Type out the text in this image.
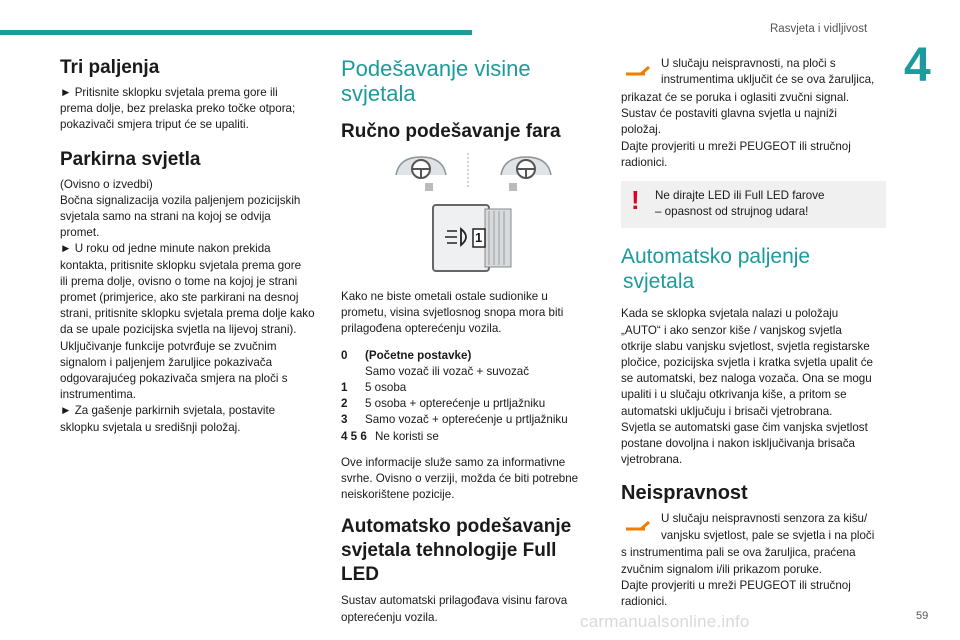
Rasvjeta i vidljivost
4
Tri paljenja

► Pritisnite sklopku svjetala prema gore ili
prema dolje, bez prelaska preko točke otpora;
pokazivači smjera triput će se upaliti.

Parkirna svjetla

(Ovisno o izvedbi)
Bočna signalizacija vozila paljenjem pozicijskih
svjetala samo na strani na kojoj se odvija
promet.
► U roku od jedne minute nakon prekida
kontakta, pritisnite sklopku svjetala prema gore
ili prema dolje, ovisno o tome na kojoj je strani
promet (primjerice, ako ste parkirani na desnoj
strani, pritisnite sklopku svjetala prema dolje kako
da se upale pozicijska svjetla na lijevoj strani).
Uključivanje funkcije potvrđuje se zvučnim
signalom i paljenjem žaruljice pokazivača
odgovarajućeg pokazivača smjera na ploči s
instrumentima.
► Za gašenje parkirnih svjetala, postavite
sklopku svjetala u središnji položaj.

Podešavanje visine
svjetala
Ručno podešavanje fara
1

Kako ne biste ometali ostale sudionike u
prometu, visina svjetlosnog snopa mora biti
prilagođena opterećenju vozila.

0	(Početne postavke)
Samo vozač ili vozač + suvozač
1	5 osoba
2	5 osoba + opterećenje u prtljažniku
3	Samo vozač + opterećenje u prtljažniku
4 5 6 Ne koristi se

Ove informacije služe samo za informativne
svrhe. Ovisno o verziji, možda će biti potrebne
neiskorištene pozicije.

Automatsko podešavanje
svjetala tehnologije Full
LED

Sustav automatski prilagođava visinu farova
opterećenju vozila.

U slučaju neispravnosti, na ploči s
instrumentima uključit će se ova žaruljica,

prikazat će se poruka i oglasiti zvučni signal.
Sustav će postaviti glavna svjetla u najniži
položaj.
Dajte provjeriti u mreži PEUGEOT ili stručnoj
radionici.

! Ne dirajte LED ili Full LED farove
– opasnost od strujnog udara!
Automatsko paljenje
svjetala

Kada se sklopka svjetala nalazi u položaju
„AUTO“ i ako senzor kiše / vanjskog svjetla
otkrije slabu vanjsku svjetlost, svjetla registarske
pločice, pozicijska svjetla i kratka svjetla upalit će
se automatski, bez naloga vozača. Ona se mogu
upaliti i u slučaju otkrivanja kiše, a pritom se
automatski uključuju i brisači vjetrobrana.
Svjetla se automatski gase čim vanjska svjetlost
postane dovoljna i nakon isključivanja brisača
vjetrobrana.

Neispravnost
U slučaju neispravnosti senzora za kišu/
vanjsku svjetlost, pale se svjetla i na ploči

s instrumentima pali se ova žaruljica, praćena
zvučnim signalom i/ili prikazom poruke.
Dajte provjeriti u mreži PEUGEOT ili stručnoj
radionici.

carmanualsonline.info	59
